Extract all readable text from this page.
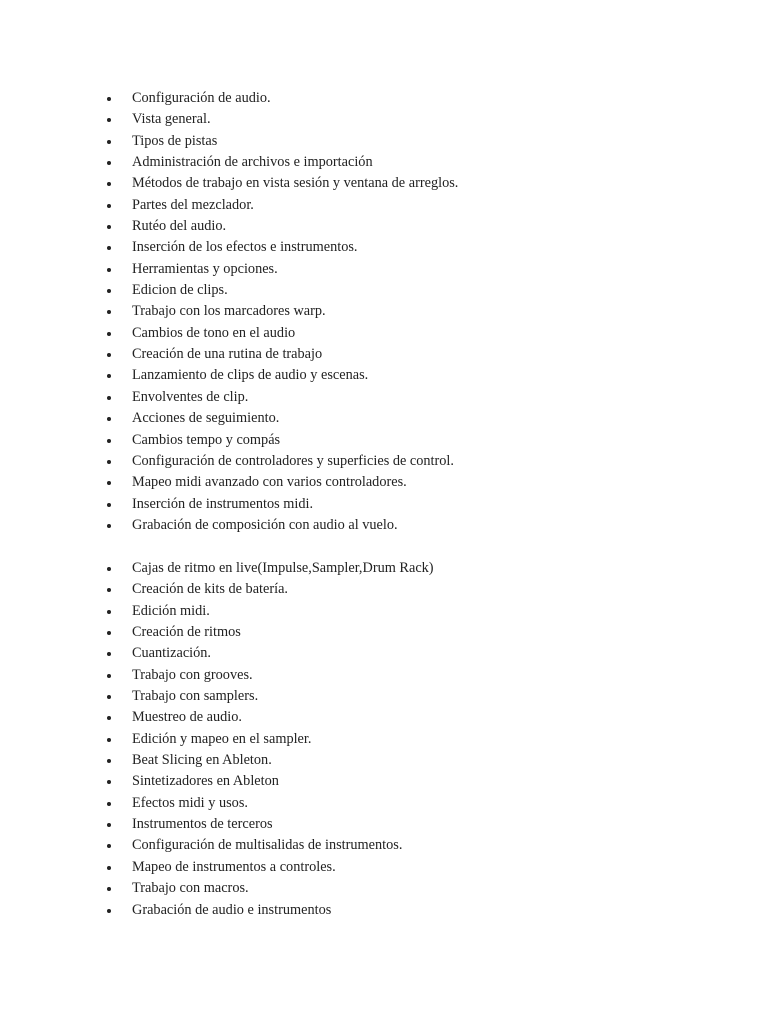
Configuración de audio.
Vista general.
Tipos de pistas
Administración de archivos e importación
Métodos de trabajo en vista sesión y ventana de arreglos.
Partes del mezclador.
Rutéo del audio.
Inserción de los efectos e instrumentos.
Herramientas y opciones.
Edicion de clips.
Trabajo con los marcadores warp.
Cambios de tono en el audio
Creación de una rutina de trabajo
Lanzamiento de clips de audio y escenas.
Envolventes de clip.
Acciones de seguimiento.
Cambios tempo y compás
Configuración de controladores y superficies de control.
Mapeo midi avanzado con varios controladores.
Inserción de instrumentos midi.
Grabación de composición con audio al vuelo.
Cajas de ritmo en live(Impulse,Sampler,Drum Rack)
Creación de kits de batería.
Edición midi.
Creación de ritmos
Cuantización.
Trabajo con grooves.
Trabajo con samplers.
Muestreo de audio.
Edición y mapeo en el sampler.
Beat Slicing en Ableton.
Sintetizadores en Ableton
Efectos midi y usos.
Instrumentos de terceros
Configuración de multisalidas de instrumentos.
Mapeo de instrumentos a controles.
Trabajo con macros.
Grabación de audio e instrumentos
